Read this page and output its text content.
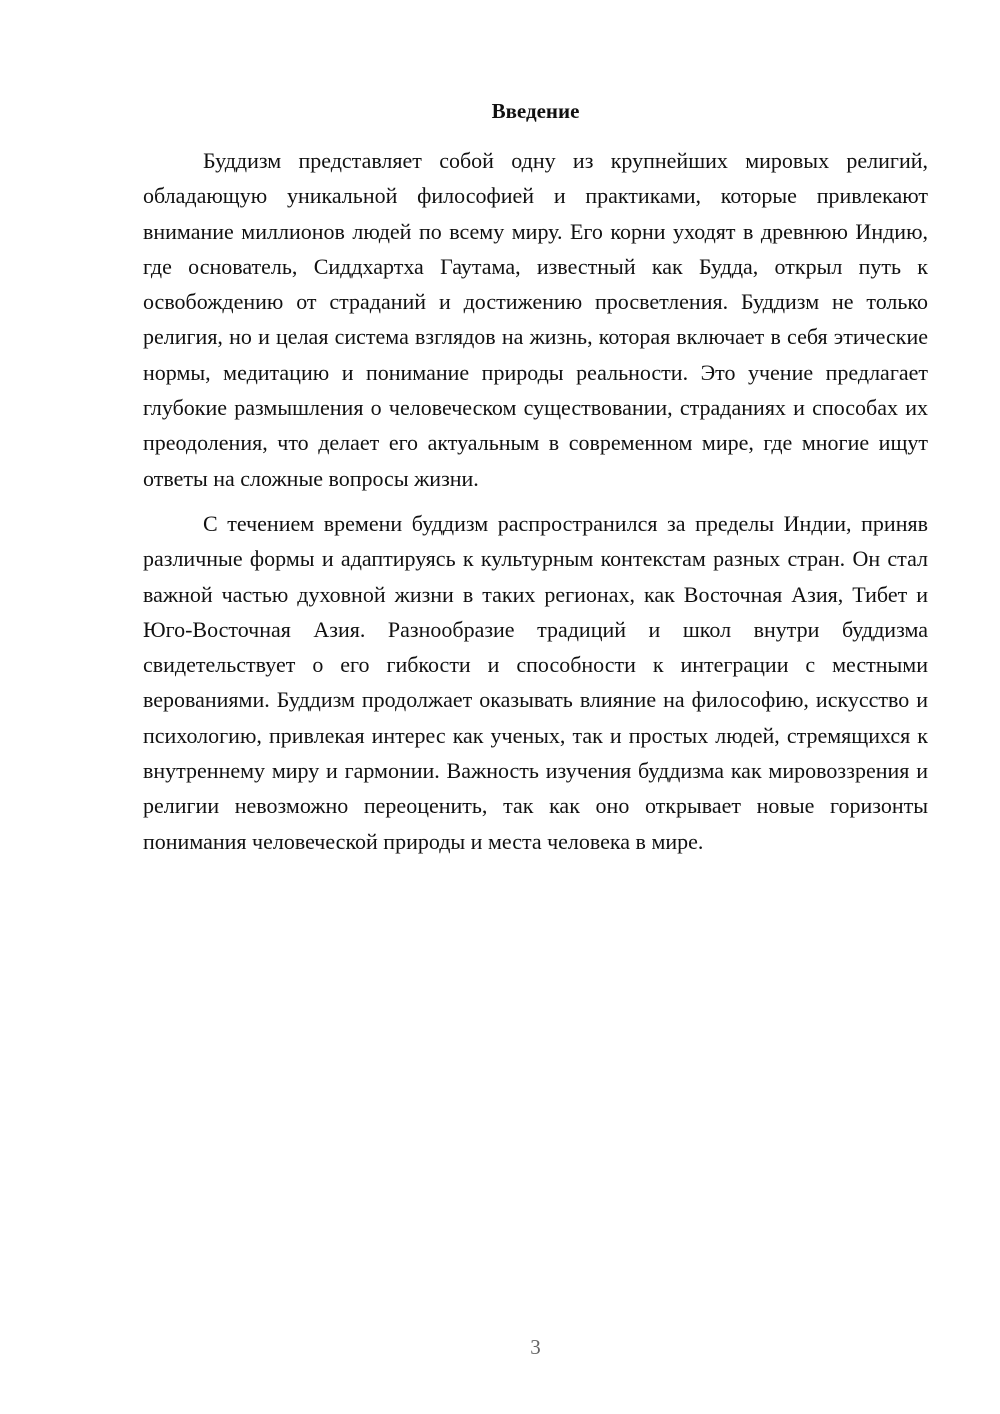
Введение

Буддизм представляет собой одну из крупнейших мировых религий, обладающую уникальной философией и практиками, которые привлекают внимание миллионов людей по всему миру. Его корни уходят в древнюю Индию, где основатель, Сиддхартха Гаутама, известный как Будда, открыл путь к освобождению от страданий и достижению просветления. Буддизм не только религия, но и целая система взглядов на жизнь, которая включает в себя этические нормы, медитацию и понимание природы реальности. Это учение предлагает глубокие размышления о человеческом существовании, страданиях и способах их преодоления, что делает его актуальным в современном мире, где многие ищут ответы на сложные вопросы жизни.

С течением времени буддизм распространился за пределы Индии, приняв различные формы и адаптируясь к культурным контекстам разных стран. Он стал важной частью духовной жизни в таких регионах, как Восточная Азия, Тибет и Юго-Восточная Азия. Разнообразие традиций и школ внутри буддизма свидетельствует о его гибкости и способности к интеграции с местными верованиями. Буддизм продолжает оказывать влияние на философию, искусство и психологию, привлекая интерес как ученых, так и простых людей, стремящихся к внутреннему миру и гармонии. Важность изучения буддизма как мировоззрения и религии невозможно переоценить, так как оно открывает новые горизонты понимания человеческой природы и места человека в мире.

3
